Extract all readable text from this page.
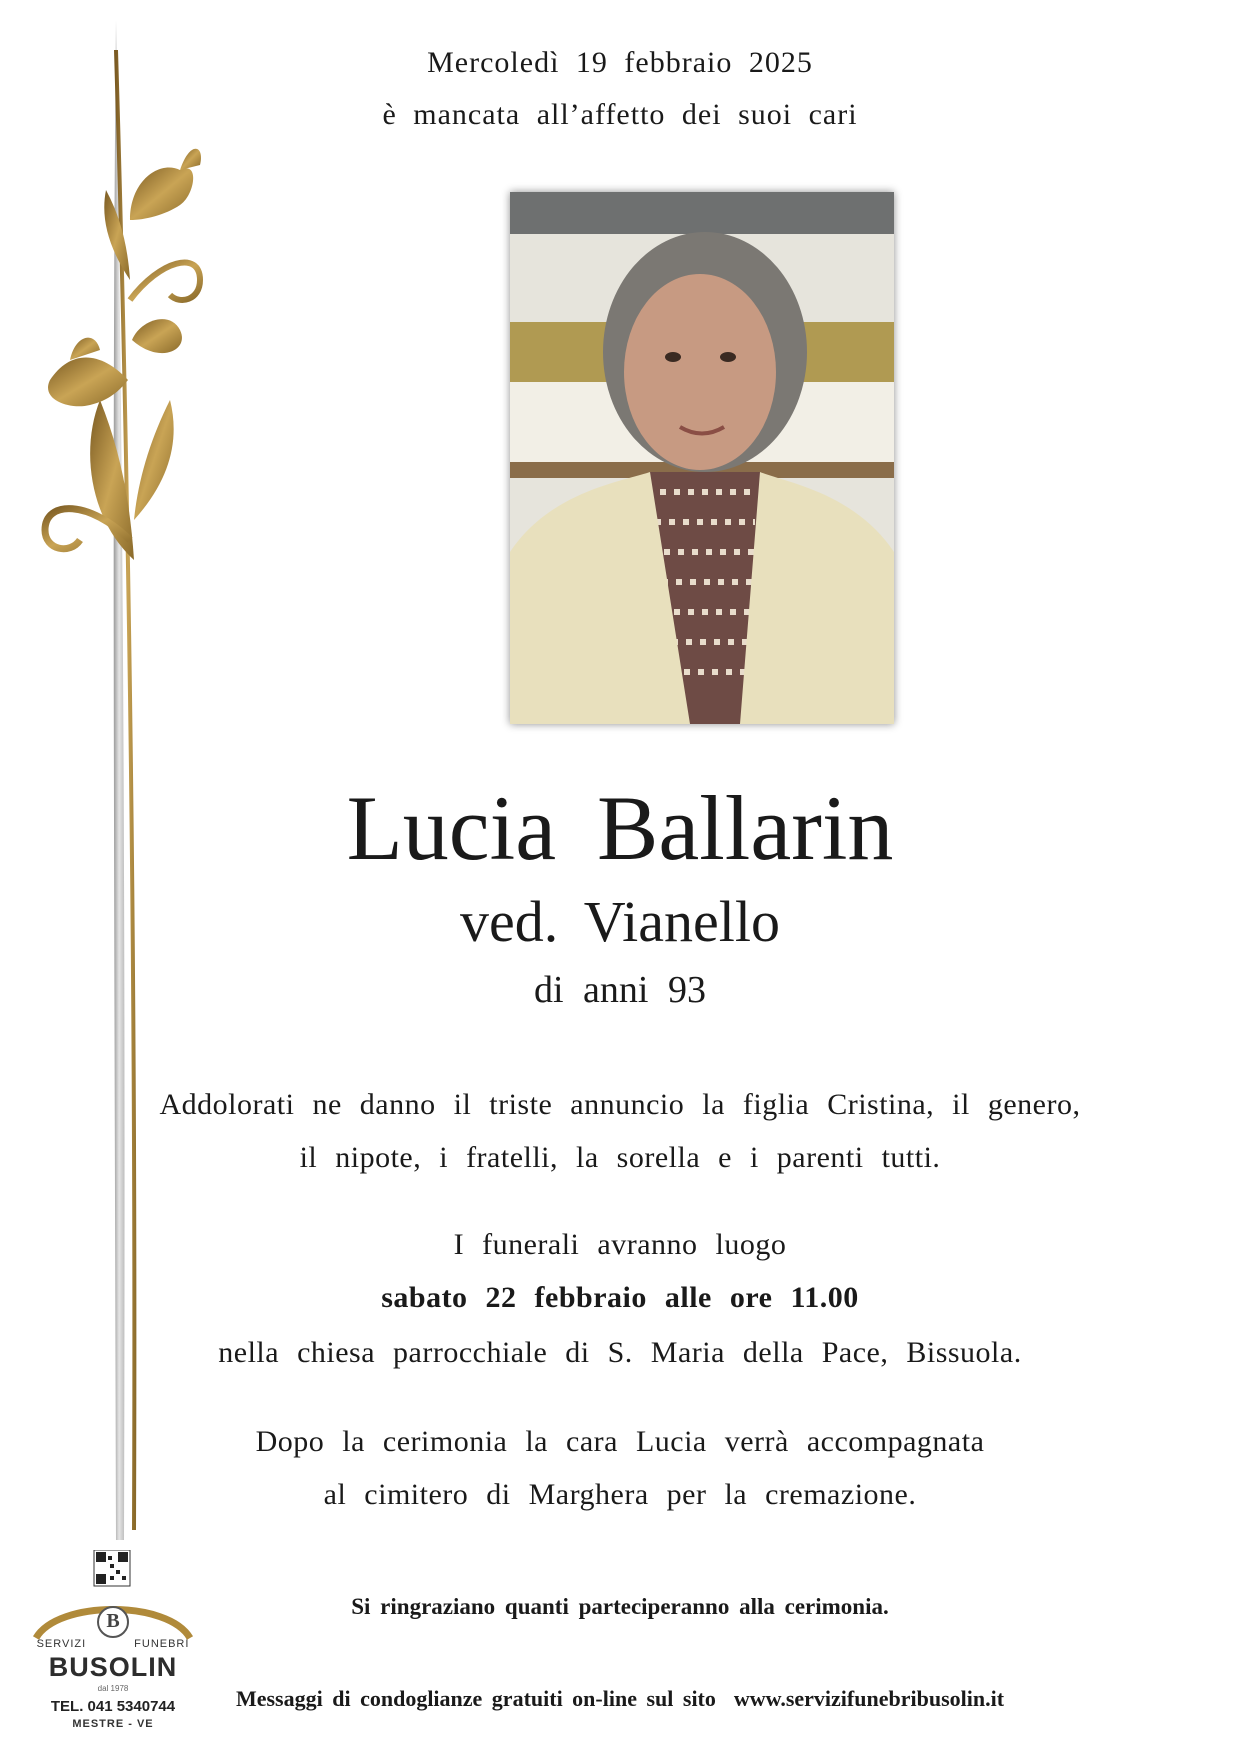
Mercoledì 19 febbraio 2025
è mancata all’affetto dei suoi cari
Lucia Ballarin
ved. Vianello
di anni 93
Addolorati ne danno il triste annuncio la figlia Cristina, il genero,
il nipote, i fratelli, la sorella e i parenti tutti.
I funerali avranno luogo
sabato 22 febbraio alle ore 11.00
nella chiesa parrocchiale di S. Maria della Pace, Bissuola.
Dopo la cerimonia la cara Lucia verrà accompagnata
al cimitero di Marghera per la cremazione.
Si ringraziano quanti parteciperanno alla cerimonia.
Messaggi di condoglianze gratuiti on-line sul sito www.servizifunebribusolin.it
B
SERVIZI	FUNEBRI
BUSOLIN
dal 1978
TEL. 041 5340744
MESTRE - VE
